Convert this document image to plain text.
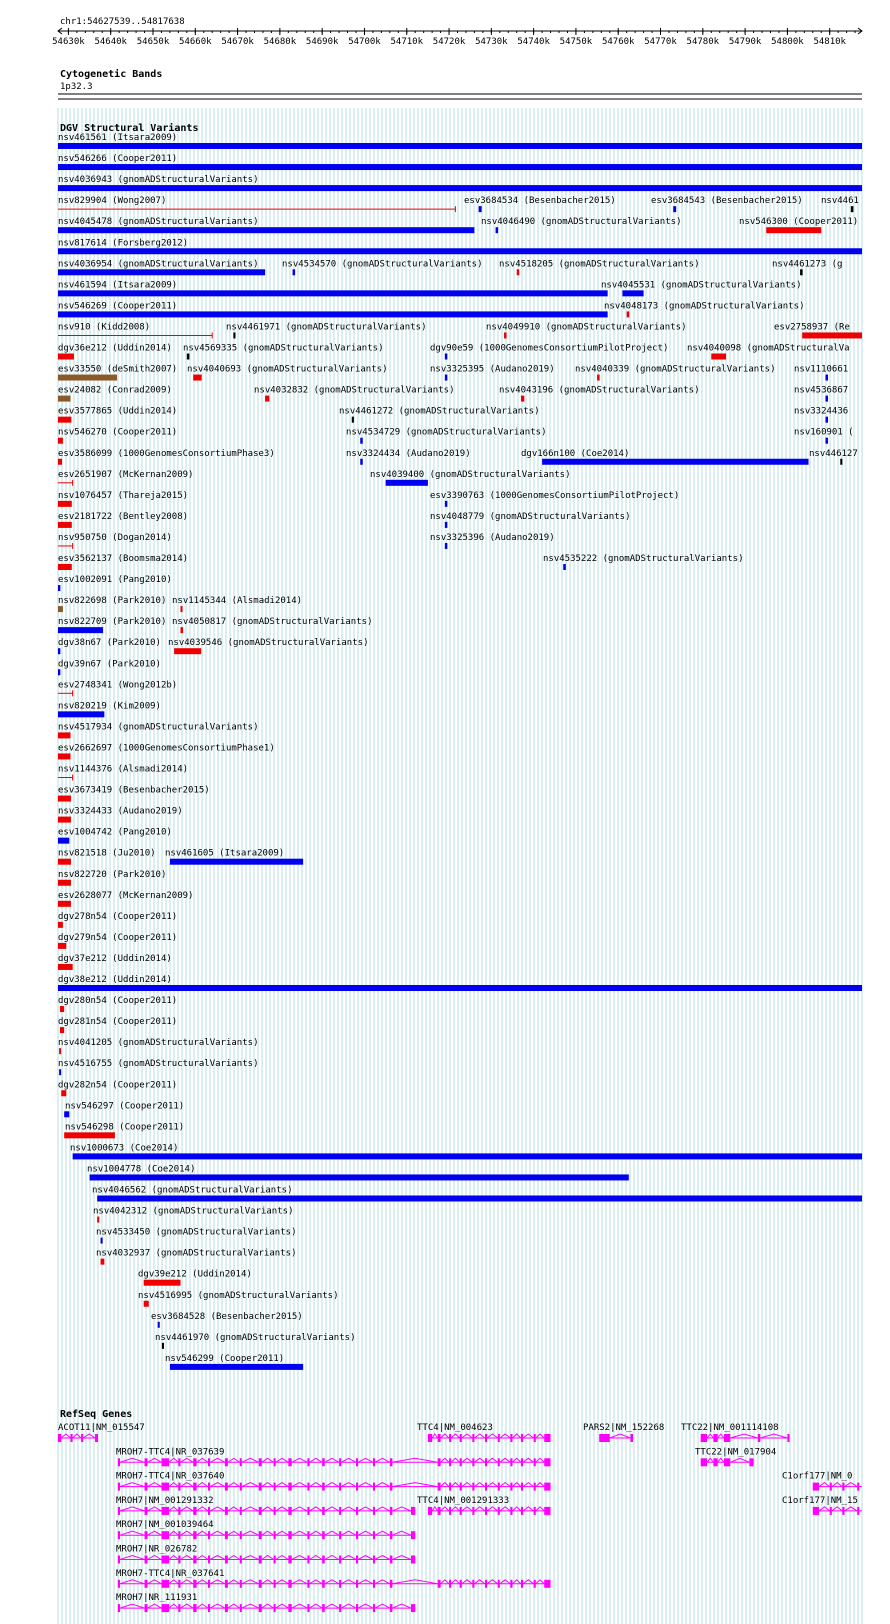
chr1:54627539..54817638
54630k 54640k 54650k 54660k 54670k 54680k 54690k 54700k 54710k 54720k 54730k 54740k 54750k 54760k 54770k 54780k 54790k 54800k 54810k
Cytogenetic Bands
1p32.3
DGV Structural Variants
nsv461561 (Itsara2009)
nsv546266 (Cooper2011)
nsv4036943 (gnomADStructuralVariants)
nsv829904 (Wong2007)	esv3684534 (Besenbacher2015)	esv3684543 (Besenbacher2015) nsv4461
nsv4045478 (gnomADStructuralVariants)	nsv4046490 (gnomADStructuralVariants)	nsv546300 (Cooper2011)
nsv817614 (Forsberg2012)
nsv4036954 (gnomADStructuralVariants)	nsv4534570 (gnomADStructuralVariants) nsv4518205 (gnomADStructuralVariants)	nsv4461273 (g
nsv461594 (Itsara2009)	nsv4045531 (gnomADStructuralVariants)
nsv546269 (Cooper2011)	nsv4048173 (gnomADStructuralVariants)
nsv910 (Kidd2008)	nsv4461971 (gnomADStructuralVariants)	nsv4049910 (gnomADStructuralVariants)	esv2758937 (Re
dgv36e212 (Uddin2014) nsv4569335 (gnomADStructuralVariants)	dgv90e59 (1000GenomesConsortiumPilotProject) nsv4040098 (gnomADStructuralVa
esv33550 (deSmith2007) nsv4040693 (gnomADStructuralVariants)	nsv3325395 (Audano2019) nsv4040339 (gnomADStructuralVariants) nsv1110661
esv24082 (Conrad2009)	nsv4032832 (gnomADStructuralVariants)	nsv4043196 (gnomADStructuralVariants)	nsv4536867
esv3577865 (Uddin2014)	nsv4461272 (gnomADStructuralVariants)	nsv3324436
nsv546270 (Cooper2011)	nsv4534729 (gnomADStructuralVariants)	nsv160901 (
esv3586099 (1000GenomesConsortiumPhase3)	nsv3324434 (Audano2019)	dgv166n100 (Coe2014)	nsv446127
esv2651907 (McKernan2009)	nsv4039400 (gnomADStructuralVariants)
nsv1076457 (Thareja2015)	esv3390763 (1000GenomesConsortiumPilotProject)
esv2181722 (Bentley2008)	nsv4048779 (gnomADStructuralVariants)
nsv950750 (Dogan2014)	nsv3325396 (Audano2019)
esv3562137 (Boomsma2014)	nsv4535222 (gnomADStructuralVariants)
esv1002091 (Pang2010)
nsv822698 (Park2010) nsv1145344 (Alsmadi2014)
nsv822709 (Park2010) nsv4050817 (gnomADStructuralVariants)
dgv38n67 (Park2010) nsv4039546 (gnomADStructuralVariants)
dgv39n67 (Park2010)
esv2748341 (Wong2012b)
nsv820219 (Kim2009)
nsv4517934 (gnomADStructuralVariants)
esv2662697 (1000GenomesConsortiumPhase1)
nsv1144376 (Alsmadi2014)
esv3673419 (Besenbacher2015)
nsv3324433 (Audano2019)
esv1004742 (Pang2010)
nsv821518 (Ju2010) nsv461605 (Itsara2009)
nsv822720 (Park2010)
esv2628077 (McKernan2009)
dgv278n54 (Cooper2011)
dgv279n54 (Cooper2011)
dgv37e212 (Uddin2014)
dgv38e212 (Uddin2014)
dgv280n54 (Cooper2011)
dgv281n54 (Cooper2011)
nsv4041205 (gnomADStructuralVariants)
nsv4516755 (gnomADStructuralVariants)
dgv282n54 (Cooper2011)
nsv546297 (Cooper2011)
nsv546298 (Cooper2011)
nsv1000673 (Coe2014)
nsv1004778 (Coe2014)
nsv4046562 (gnomADStructuralVariants)
nsv4042312 (gnomADStructuralVariants)
nsv4533450 (gnomADStructuralVariants)
nsv4032937 (gnomADStructuralVariants)
dgv39e212 (Uddin2014)
nsv4516995 (gnomADStructuralVariants)
esv3684528 (Besenbacher2015)
nsv4461970 (gnomADStructuralVariants)
nsv546299 (Cooper2011)
RefSeq Genes
ACOT11|NM_015547	TTC4|NM_004623	PARS2|NM_152268 TTC22|NM_001114108
MROH7-TTC4|NR_037639	TTC22|NM_017904
MROH7-TTC4|NR_037640	C1orf177|NM_0
MROH7|NM_001291332	TTC4|NM_001291333	C1orf177|NM_15
MROH7|NM_001039464
MROH7|NR_026782
MROH7-TTC4|NR_037641
MROH7|NR_111931
